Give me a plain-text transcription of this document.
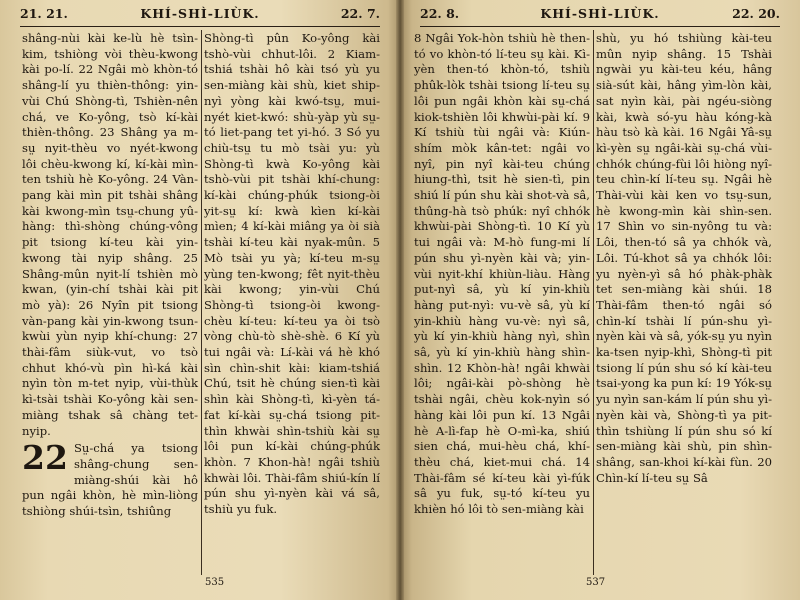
21. 21.	KHÍ-SHÌ-LIÙK.	22. 7.

shâng-nùi kài ke-lù hè tsìn-kim, tshiòng vòi thèu-kwong kài po-lí. 22 Ngâi mò khòn-tó shâng-lí yu thièn-thông: yin-vùi Chú Shòng-tì, Tshièn-nên chá, ve Ko-yông, tsò kí-kài thièn-thông. 23 Shâng ya m-sṳ nyit-thèu vo nyét-kwong lôi chèu-kwong kí, kí-kài mìn-ten tshiù hè Ko-yông. 24 Vàn-pang kài mìn pit tshài shâng kài kwong-mìn tsṳ-chung yû-hàng: thì-shòng chúng-vông pit tsiong kí-teu kài yin-kwong tài nyip shâng. 25 Shâng-mûn nyit-lí tshièn mò kwan, (yin-chí tshài kài pit mò yà): 26 Nyîn pit tsiong vàn-pang kài yin-kwong tsun-kwùi yùn nyip khí-chung: 27 thài-fâm siùk-vut, vo tsò chhut khó-vù pìn hì-ká kài nyìn tòn m-tet nyip, vùi-thùk kì-tsài tshài Ko-yông kài sen-miàng tshak sâ chàng tet-nyip.

22 Sṳ-chá ya tsiong shâng-chung sen-miàng-shúi kài hô pun ngâi khòn, hè mìn-liòng tshiòng shúi-tsìn, tshiûng

Shòng-tì pûn Ko-yông kài tshò-vùi chhut-lôi. 2 Kiam-tshiá tshài hô kài tsó yù yu sen-miàng kài shù, kiet ship-nyì yòng kài kwó-tsṳ, mui-nyét kiet-kwó: shù-yàp yù sṳ-tó liet-pang tet yi-hó. 3 Só yu chiù-tsṳ tu mò tsài yu: yù Shòng-tì kwà Ko-yông kài tshò-vùi pit tshài khí-chung: kí-kài chúng-phúk tsiong-òi yit-sṳ kí: kwà kìen kí-kài mìen; 4 kí-kài miâng ya òi sià tshài kí-teu kài nyak-mûn. 5 Mò tsài yu yà; kí-teu m-sṳ yùng ten-kwong; fêt nyit-thèu kài kwong; yin-vùi Chú Shòng-tì tsiong-òi kwong-chèu kí-teu: kí-teu ya òi tsò vòng chù-tò shè-shè. 6 Kí yù tui ngâi và: Lí-kài vá hè khó sìn chìn-shit kài: kiam-tshiá Chú, tsit hè chúng sien-tì kài shìn kài Shòng-tì, kì-yèn tá-fat kí-kài sṳ-chá tsiong pit-thìn khwài shìn-tshiù kài sṳ lôi pun kí-kài chúng-phúk khòn. 7 Khon-hà! ngâi tshiù khwài lôi. Thài-fâm shiú-kín lí pún shu yì-nyèn kài vá sâ, tshiù yu fuk.

535
22. 8.	KHÍ-SHÌ-LIÙK.	22. 20.

8 Ngâi Yok-hòn tshiù hè then-tó vo khòn-tó lí-teu sṳ kài. Kì-yèn then-tó khòn-tó, tshiù phûk-lòk tshài tsiong lí-teu sṳ lôi pun ngâi khòn kài sṳ-chá kiok-tshièn lôi khwùi-pài kí. 9 Kí tshiù tùi ngâi và: Kiún-shím mòk kân-tet: ngâi vo nyî, pin nyî kài-teu chúng hiung-thì, tsit hè sien-tì, pin shiú lí pún shu kài shot-và sâ, thûng-hà tsò phúk: nyî chhók khwùi-pài Shòng-tì. 10 Kí yù tui ngâi và: M-hò fung-mi lí pún shu yì-nyèn kài và; yin-vùi nyit-khí khiùn-liàu. Hàng put-nyì sâ, yù kí yin-khiù hàng put-nyì: vu-vè sâ, yù kí yin-khiù hàng vu-vè: nyì sâ, yù kí yin-khiù hàng nyì, shìn sâ, yù kí yin-khiù hàng shìn-shìn. 12 Khòn-hà! ngâi khwài lôi; ngâi-kài pò-shòng hè tshài ngâi, chèu kok-nyìn só hàng kài lôi pun kí. 13 Ngâi hè A-lì-fap hè O-mì-ka, shiú sien chá, mui-hèu chá, khí-thèu chá, kiet-mui chá. 14 Thài-fâm sé kí-teu kài yì-fúk sâ yu fuk, sṳ-tó kí-teu yu khièn hó lôi tò sen-miàng kài

shù, yu hó tshiùng kài-teu mûn nyip shâng. 15 Tshài ngwài yu kài-teu kéu, hâng sià-sút kài, hâng yìm-lòn kài, sat nyìn kài, pài ngéu-siòng kài, kwà só-yu hàu kóng-kà hàu tsò kà kài. 16 Ngâi Yâ-sṳ kì-yèn sṳ ngâi-kài sṳ-chá vùi-chhók chúng-fùi lôi hiòng nyî-teu chìn-kí lí-teu sṳ. Ngâi hè Thài-vùi kài ken vo tsṳ-sun, hè kwong-mìn kài shìn-sen. 17 Shìn vo sin-nyông tu và: Lôi, then-tó sâ ya chhók và, Lôi. Tú-khot sâ ya chhók lôi: yu nyèn-yì sâ hó phàk-phàk tet sen-miàng kài shúi. 18 Thài-fâm then-tó ngâi só chìn-kí tshài lí pún-shu yì-nyèn kài và sâ, yók-sṳ yu nyìn ka-tsen nyip-khì, Shòng-tì pit tsiong lí pún shu só kí kài-teu tsai-yong ka pun kí: 19 Yók-sṳ yu nyìn san-kám lí pún shu yì-nyèn kài và, Shòng-tì ya pit-thìn tshiùng lí pún shu só kí sen-miàng kài shù, pin shìn-shâng, san-khoi kí-kài fùn. 20 Chìn-kí lí-teu sṳ Sâ

537
